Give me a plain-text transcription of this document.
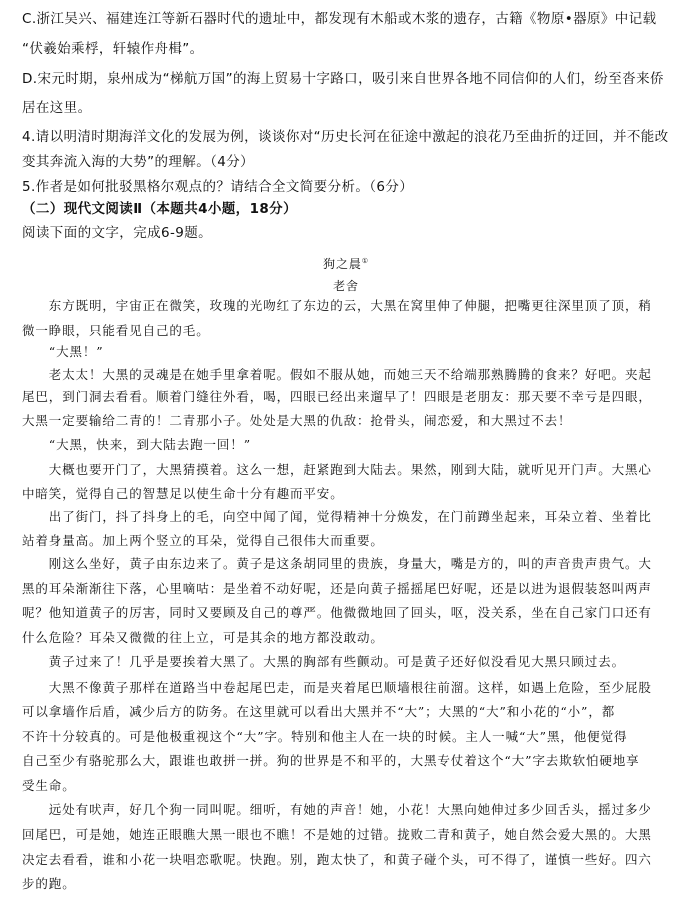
C.浙江吴兴、福建连江等新石器时代的遗址中，都发现有木船或木浆的遗存，古籍《物原•器原》中记载
“伏羲始乘桴，轩辕作舟楫”。
D.宋元时期，泉州成为“梯航万国”的海上贸易十字路口，吸引来自世界各地不同信仰的人们，纷至沓来侨
居在这里。
4.请以明清时期海洋文化的发展为例，谈谈你对“历史长河在征途中激起的浪花乃至曲折的迂回，并不能改
变其奔流入海的大势”的理解。（4分）
5.作者是如何批驳黑格尔观点的？请结合全文简要分析。（6分）
（二）现代文阅读Ⅱ（本题共4小题，18分）
阅读下面的文字，完成6-9题。
狗之晨①
老舍
　　东方既明，宇宙正在微笑，玫瑰的光吻红了东边的云，大黑在窝里伸了伸腿，把嘴更往深里顶了顶，稍
微一睁眼，只能看见自己的毛。
　　“大黑！”
　　老太太！大黑的灵魂是在她手里拿着呢。假如不服从她，而她三天不给端那熟腾腾的食来？好吧。夹起
尾巴，到门洞去看看。顺着门缝往外看，喝，四眼已经出来遛早了！四眼是老朋友：那天要不幸亏是四眼，
大黑一定要输给二青的！二青那小子。处处是大黑的仇敌：抢骨头，闹恋爱，和大黑过不去！
　　“大黑，快来，到大陆去跑一回！”
　　大概也要开门了，大黑猜摸着。这么一想，赶紧跑到大陆去。果然，刚到大陆，就听见开门声。大黑心
中暗笑，觉得自己的智慧足以使生命十分有趣而平安。
　　出了街门，抖了抖身上的毛，向空中闻了闻，觉得精神十分焕发，在门前蹲坐起来，耳朵立着、坐着比
站着身量高。加上两个竖立的耳朵，觉得自己很伟大而重要。
　　刚这么坐好，黄子由东边来了。黄子是这条胡同里的贵族，身量大，嘴是方的，叫的声音贵声贵气。大
黑的耳朵渐渐往下落，心里嘀咕：是坐着不动好呢，还是向黄子摇摇尾巴好呢，还是以进为退假装怒叫两声
呢？他知道黄子的厉害，同时又要顾及自己的尊严。他微微地回了回头，呕，没关系，坐在自己家门口还有
什么危险？耳朵又微微的往上立，可是其余的地方都没敢动。
　　黄子过来了！几乎是要挨着大黑了。大黑的胸部有些颤动。可是黄子还好似没看见大黑只顾过去。
　　大黑不像黄子那样在道路当中卷起尾巴走，而是夹着尾巴顺墙根往前溜。这样，如遇上危险，至少屁股
可以拿墙作后盾，减少后方的防务。在这里就可以看出大黑并不“大”；大黑的“大”和小花的“小”，都
不许十分较真的。可是他极重视这个“大”字。特别和他主人在一块的时候。主人一喊“大”黑，他便觉得
自己至少有骆驼那么大，跟谁也敢拼一拼。狗的世界是不和平的，大黑专仗着这个“大”字去欺软怕硬地享
受生命。
　　远处有吠声，好几个狗一同叫呢。细听，有她的声音！她，小花！大黑向她伸过多少回舌头，摇过多少
回尾巴，可是她，她连正眼瞧大黑一眼也不瞧！不是她的过错。拢败二青和黄子，她自然会爱大黑的。大黑
决定去看看，谁和小花一块唱恋歌呢。快跑。别，跑太快了，和黄子碰个头，可不得了，谨慎一些好。四六
步的跑。
